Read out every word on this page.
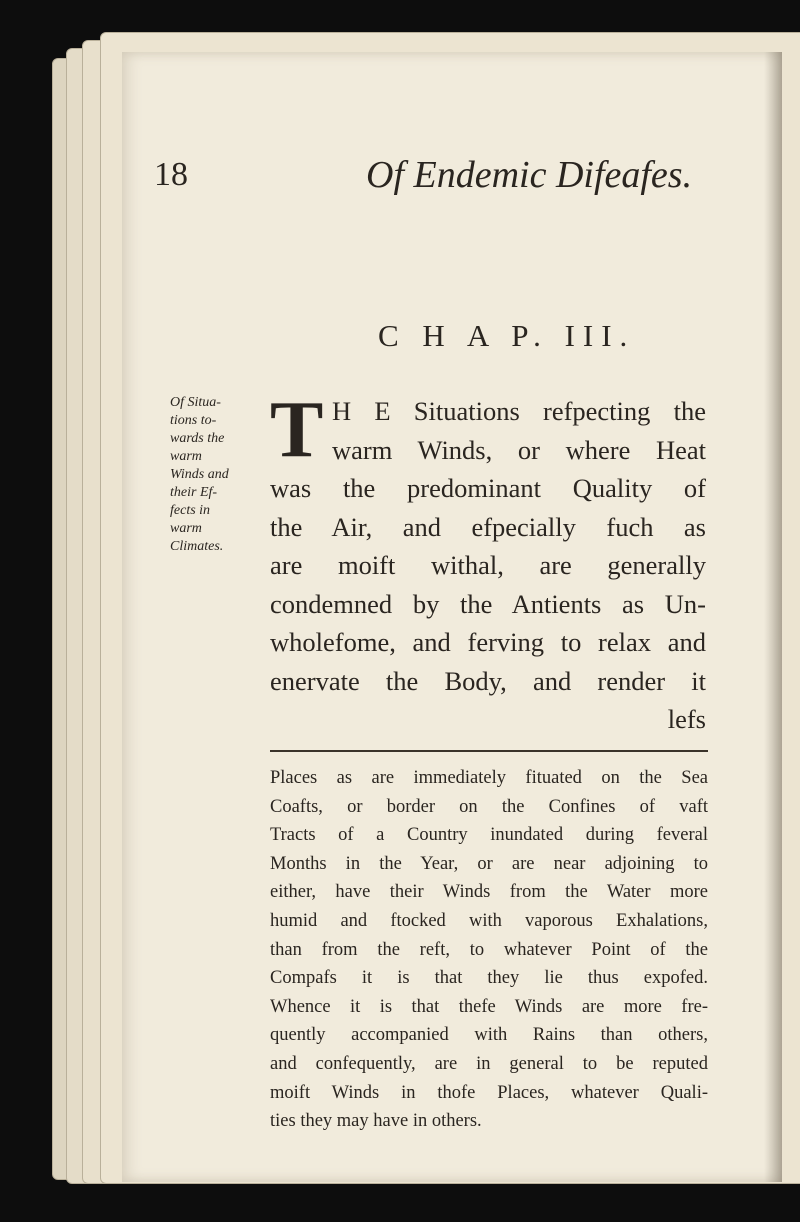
18	Of Endemic Difeafes.
C H A P. III.
Of Situa-
tions to-
wards the
warm
Winds and
their Ef-
fects in
warm
Climates.
T H E Situations refpecting the
warm Winds, or where Heat
was the predominant Quality of
the Air, and efpecially fuch as
are moift withal, are generally
condemned by the Antients as Un-
wholefome, and ferving to relax and
enervate the Body, and render it
lefs
Places as are immediately fituated on the Sea
Coafts, or border on the Confines of vaft
Tracts of a Country inundated during feveral
Months in the Year, or are near adjoining to
either, have their Winds from the Water more
humid and ftocked with vaporous Exhalations,
than from the reft, to whatever Point of the
Compafs it is that they lie thus expofed.
Whence it is that thefe Winds are more fre-
quently accompanied with Rains than others,
and confequently, are in general to be reputed
moift Winds in thofe Places, whatever Quali-
ties they may have in others.
